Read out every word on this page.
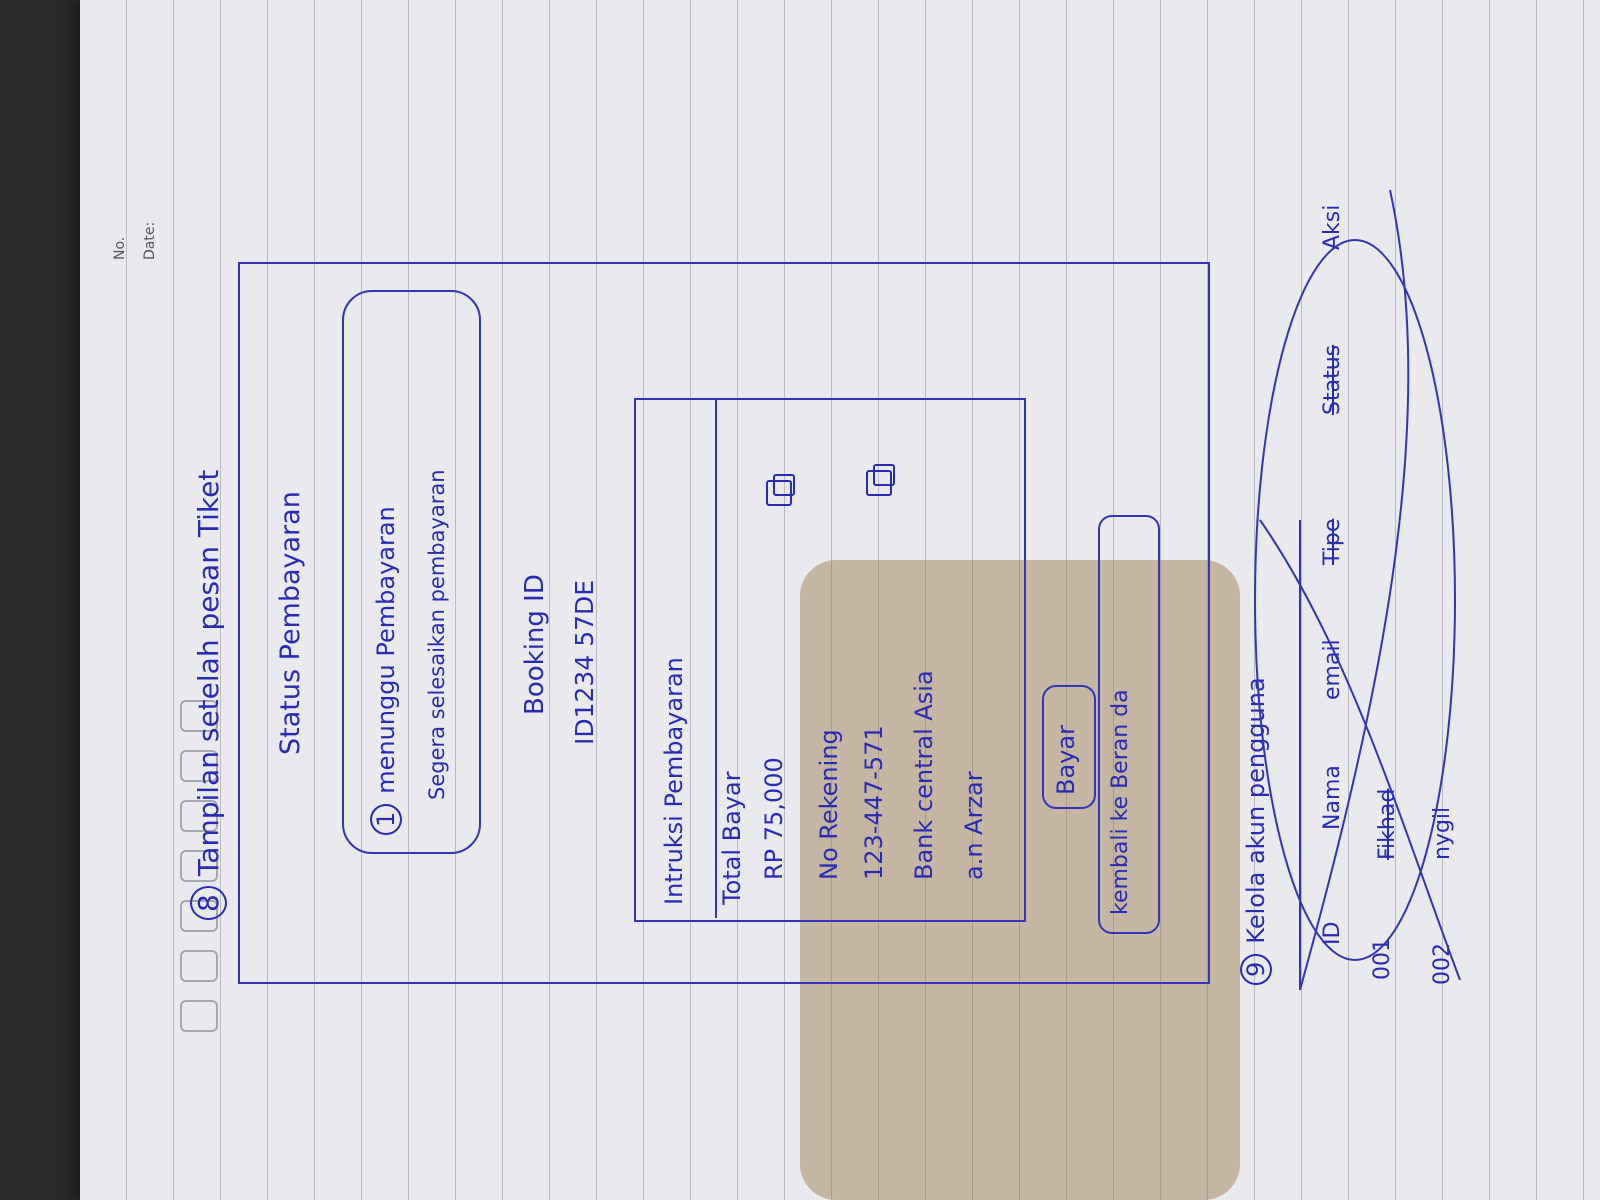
No. Date:
8Tampilan setelah pesan Tiket Status Pembayaran
1menunggu Pembayaran Segera selesaikan pembayaran	Booking ID ID1234 57DE	Intruksi Pembayaran Total Bayar RP 75,000 No Rekening 123-447-571 Bank central Asia a.n Arzar
Bayar kembali ke Beran da
9Kelola akun pengguna ID
Nama
email
Tipe
Status
Aksi
001
Fikhad
002
nygil
